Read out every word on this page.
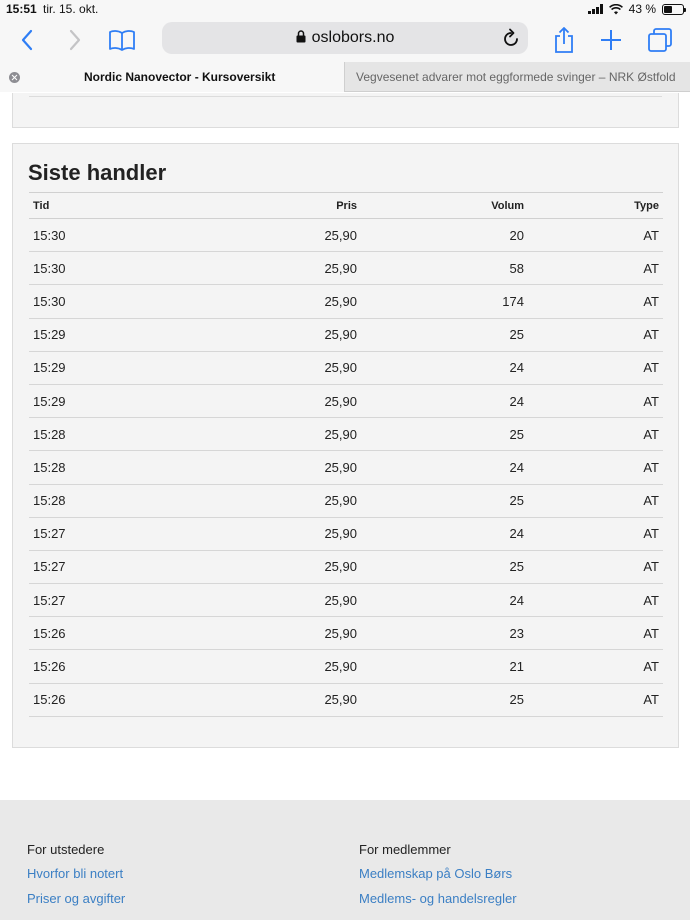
15:51 tir. 15. okt.	43 %
oslobors.no
Nordic Nanovector - Kursoversikt	Vegvesenet advarer mot eggformede svinger – NRK Østfold
Siste handler
Tid	Pris	Volum	Type
15:30	25,90	20	AT
15:30	25,90	58	AT
15:30	25,90	174	AT
15:29	25,90	25	AT
15:29	25,90	24	AT
15:29	25,90	24	AT
15:28	25,90	25	AT
15:28	25,90	24	AT
15:28	25,90	25	AT
15:27	25,90	24	AT
15:27	25,90	25	AT
15:27	25,90	24	AT
15:26	25,90	23	AT
15:26	25,90	21	AT
15:26	25,90	25	AT
For utstedere
Hvorfor bli notert
Priser og avgifter
For medlemmer
Medlemskap på Oslo Børs
Medlems- og handelsregler
